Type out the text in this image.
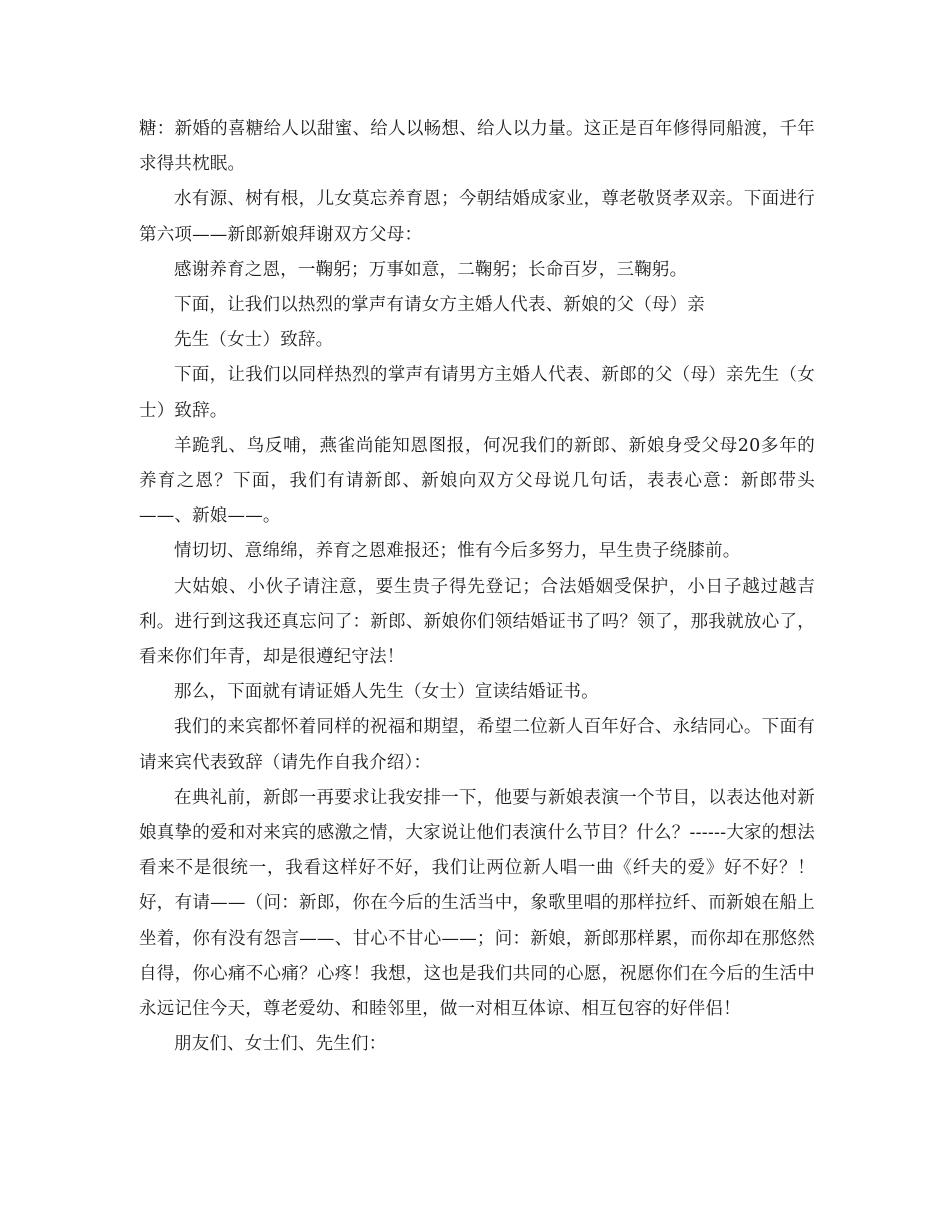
糖：新婚的喜糖给人以甜蜜、给人以畅想、给人以力量。这正是百年修得同船渡，千年求得共枕眠。

水有源、树有根，儿女莫忘养育恩；今朝结婚成家业，尊老敬贤孝双亲。下面进行第六项——新郎新娘拜谢双方父母：

感谢养育之恩，一鞠躬；万事如意，二鞠躬；长命百岁，三鞠躬。

下面，让我们以热烈的掌声有请女方主婚人代表、新娘的父（母）亲

先生（女士）致辞。

下面，让我们以同样热烈的掌声有请男方主婚人代表、新郎的父（母）亲先生（女士）致辞。

羊跪乳、鸟反哺，燕雀尚能知恩图报，何况我们的新郎、新娘身受父母20多年的养育之恩？下面，我们有请新郎、新娘向双方父母说几句话，表表心意：新郎带头——、新娘——。

情切切、意绵绵，养育之恩难报还；惟有今后多努力，早生贵子绕膝前。

大姑娘、小伙子请注意，要生贵子得先登记；合法婚姻受保护，小日子越过越吉利。进行到这我还真忘问了：新郎、新娘你们领结婚证书了吗？领了，那我就放心了，看来你们年青，却是很遵纪守法！

那么，下面就有请证婚人先生（女士）宣读结婚证书。

我们的来宾都怀着同样的祝福和期望，希望二位新人百年好合、永结同心。下面有请来宾代表致辞（请先作自我介绍）：

在典礼前，新郎一再要求让我安排一下，他要与新娘表演一个节目，以表达他对新娘真挚的爱和对来宾的感激之情，大家说让他们表演什么节目？什么？------大家的想法看来不是很统一，我看这样好不好，我们让两位新人唱一曲《纤夫的爱》好不好？！好，有请——（问：新郎，你在今后的生活当中，象歌里唱的那样拉纤、而新娘在船上坐着，你有没有怨言——、甘心不甘心——；问：新娘，新郎那样累，而你却在那悠然自得，你心痛不心痛？心疼！我想，这也是我们共同的心愿，祝愿你们在今后的生活中永远记住今天，尊老爱幼、和睦邻里，做一对相互体谅、相互包容的好伴侣！

朋友们、女士们、先生们：
